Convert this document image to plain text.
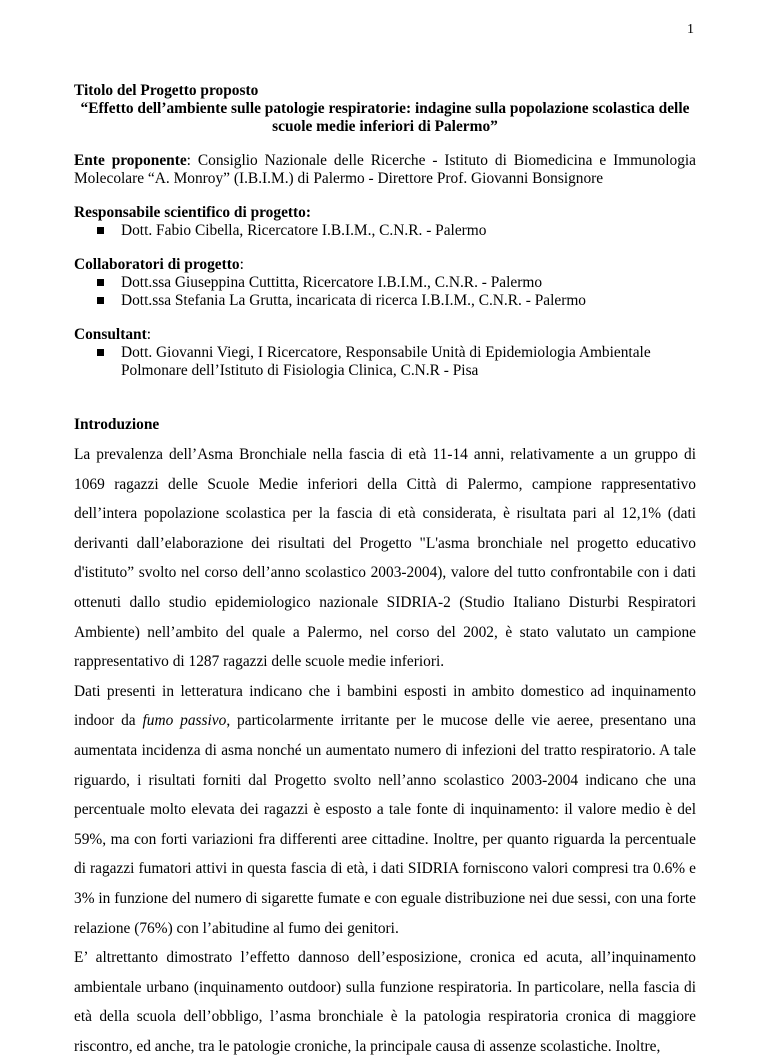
1
Titolo del Progetto proposto
“Effetto dell’ambiente sulle patologie respiratorie: indagine sulla popolazione scolastica delle scuole medie inferiori di Palermo”
Ente proponente: Consiglio Nazionale delle Ricerche - Istituto di Biomedicina e Immunologia Molecolare “A. Monroy” (I.B.I.M.) di Palermo - Direttore Prof. Giovanni Bonsignore
Responsabile scientifico di progetto:
Dott. Fabio Cibella, Ricercatore I.B.I.M., C.N.R. - Palermo
Collaboratori di progetto:
Dott.ssa Giuseppina Cuttitta, Ricercatore I.B.I.M., C.N.R. - Palermo
Dott.ssa Stefania La Grutta, incaricata di ricerca I.B.I.M., C.N.R. - Palermo
Consultant:
Dott. Giovanni Viegi, I Ricercatore, Responsabile Unità di Epidemiologia Ambientale Polmonare dell’Istituto di Fisiologia Clinica, C.N.R - Pisa
Introduzione

La prevalenza dell’Asma Bronchiale nella fascia di età 11-14 anni, relativamente a un gruppo di 1069 ragazzi delle Scuole Medie inferiori della Città di Palermo, campione rappresentativo dell’intera popolazione scolastica per la fascia di età considerata, è risultata pari al 12,1% (dati derivanti dall’elaborazione dei risultati del Progetto "L'asma bronchiale nel progetto educativo d'istituto” svolto nel corso dell’anno scolastico 2003-2004), valore del tutto confrontabile con i dati ottenuti dallo studio epidemiologico nazionale SIDRIA-2 (Studio Italiano Disturbi Respiratori Ambiente) nell’ambito del quale a Palermo, nel corso del 2002, è stato valutato un campione rappresentativo di 1287 ragazzi delle scuole medie inferiori.

Dati presenti in letteratura indicano che i bambini esposti in ambito domestico ad inquinamento indoor da fumo passivo, particolarmente irritante per le mucose delle vie aeree, presentano una aumentata incidenza di asma nonché un aumentato numero di infezioni del tratto respiratorio. A tale riguardo, i risultati forniti dal Progetto svolto nell’anno scolastico 2003-2004 indicano che una percentuale molto elevata dei ragazzi è esposto a tale fonte di inquinamento: il valore medio è del 59%, ma con forti variazioni fra differenti aree cittadine. Inoltre, per quanto riguarda la percentuale di ragazzi fumatori attivi in questa fascia di età, i dati SIDRIA forniscono valori compresi tra 0.6% e 3% in funzione del numero di sigarette fumate e con eguale distribuzione nei due sessi, con una forte relazione (76%) con l’abitudine al fumo dei genitori.

E’ altrettanto dimostrato l’effetto dannoso dell’esposizione, cronica ed acuta, all’inquinamento ambientale urbano (inquinamento outdoor) sulla funzione respiratoria. In particolare, nella fascia di età della scuola dell’obbligo, l’asma bronchiale è la patologia respiratoria cronica di maggiore riscontro, ed anche, tra le patologie croniche, la principale causa di assenze scolastiche. Inoltre,
